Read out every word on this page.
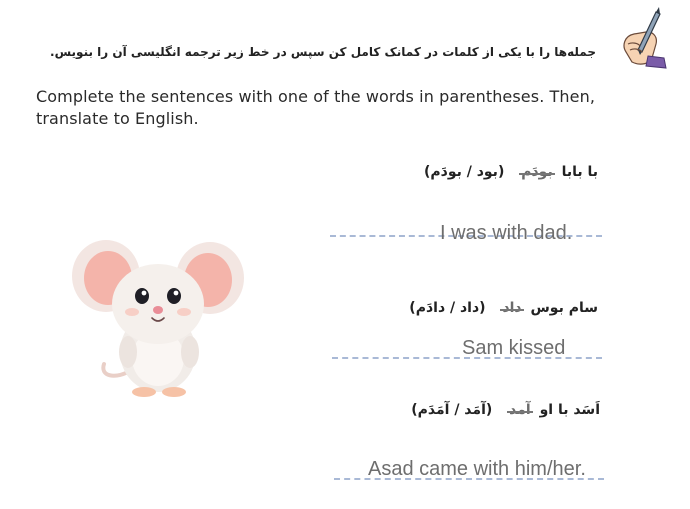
جمله‌ها را با یکی از کلمات در کمانک کامل کن سپس در خط زیر ترجمه انگلیسی آن را بنویس.
Complete the sentences with one of the words in parentheses. Then, translate to English.
با بابا بودَم (بود / بودَم)
I was with dad.
سام بوس داد (داد / دادَم)
Sam kissed
اَسَد با او آمد (آمَد / آمَدَم)
Asad came with him/her.
